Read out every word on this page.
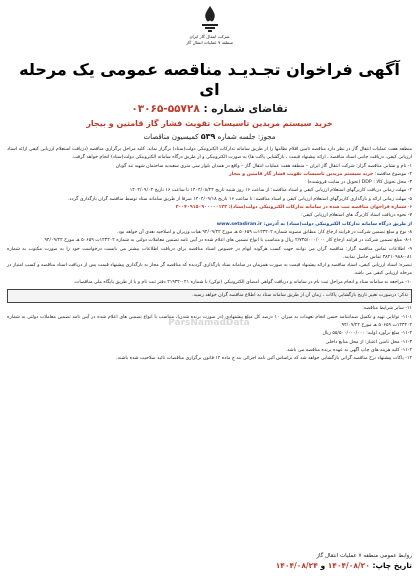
شرکت انتقال گاز ایران
منطقه ۷ عملیات انتقال گاز
آگهی فراخوان تجـدیـد مناقصه عمومی یک مرحله ای
تقاضای شماره : ۵۵۷۲۸-۰۳۰۶۵
خرید سیستم مریدین تاسیسات تقویت فشار گاز قامتین و بیجار
مجوز: جلسه شماره ۵۳۹ کمیسیون مناقصات
منطقه هفت عملیات انتقال گاز در نظر دارد مناقصه تامین اقلام نظامها را از طریق سامانه تدارکات الکترونیکی دولت(ستاد) برگزار نماید. کلیه مراحل برگزاری مناقصه (دریافت استعلام ارزیابی کیفی ارائه اسناد ارزیابی کیفی، دریافت جانبی اسناد مناقصه ، ارائه پیشنهاد قیمت ، بازگشایی پاکت ها) به صورت الکترونیکی و از طریق درگاه سامانه الکترونیکی دولت(ستاد) انجام خواهد گرفت.
۱- نام و نشانی مناقصه گزار: شرکت انتقال گاز ایران – منطقه هفت عملیات انتقال گاز – واقع در همدان بلوار سی متری سعیدیه ساختمان شهید تند گویان
۲- موضوع مناقصه: خرید سیستم مریدین تاسیسات تقویت فشار گاز قامتین و بیجار
۳- محل تحویل کالا : DDP (تحویل در سایت فروشنده)
۴- مهلت زمانی دریافت کاربرگهای استعلام ارزیابی کیفی و اسناد مناقصه: از ساعت ۱۶ روز شنبه تاریخ ۱۴۰۴/۰۸/۲۴ تا ساعت ۱۶ تاریخ ۱۴۰۴/۰۹/۰۴
۵- مهلت زمانی ارائه و بارگذاری کاربرگهای استعلام ارزیابی کیفی و اسناد مناقصه: تا ساعت ۱۶ تاریخ ۱۴۰۴/۰۹/۱۸ صرفا از طریق سامانه ستاد توسط مناقصه گران بارگذاری گردد.
۶- شماره فراخوان مناقصه ثبت شده در سامانه تدارکات الکترونیکی دولت(ستاد): ۲۰۰۴۰۹۱۵۰۹۰۰۰۰۰۱۲۲
۷- نحوه دریافت اسناد کاربرگ های استعلام ارزیابی کیفی:
از طریق درگاه سامانه تدارکات الکترونیکی دولت(ستاد) به آدرس: www.setadiran.ir
۸- نوع و مبلغ تضمین شرکت در فرایند ارجاع کار: مطابق مصوبه شماره ۱۲۳۴۰۲ت ۵۰۶۵۹ هـ مورخ ۹۴/۰۹/۲۲ هیات وزیران و اصلاحیه بعدی آن خواهد بود.
۸-۱- مبلغ تضمین شرکت در فرایند ارجاع کار ۲/۷۳۵/۰۰۰/۰۰۰ ریال و متناسب با انواع تضمین های اعلام شده در آیین نامه تضمین معاملات دولتی به شماره ۱۲۳۴۰۲ت ۵۰۶۵۹ هـ مورخ ۹۴/۰۹/۲۲
۹- اطلاعات تماس مناقصه گزار: مناقصه گران می توانند جهت کسب هرگونه ابهام در خصوص اسناد مناقصه برای دریافت اطلاعات بیشتر می بایست درخواست خود را به صورت مکتوب به شماره ۰۸۱-۳۸۲۱۰۹۸۸ تماس حاصل نمایند.
تبصره: اسناد ارزیابی کیفی، اسناد مناقصه و ارائه پیشنهاد قیمت به صورت همزمان در سامانه ستاد بارگذاری گردیده که مناقصه گر مجاز به بارگذاری پیشنهاد قیمت پس از دریافت اسناد مناقصه و کسب امتیاز در مرحله ارزیابی کیفی می باشد.
۱۰- مراجعه به سامانه ستاد و انجام مراحل ثبت نام در سامانه و دریافت گواهی امضای الکترونیکی (توکن) با شماره ۰۲۱-۴۱۹۳۴ دفتر ثبت نام و یا از طریق پایگاه ملی مناقصات.
تذکر: درصورت تغییر تاریخ بازگشایی پاکات ، زمان آن از طریق سامانه ستاد به اطلاع مناقصه گران خواهد رسید.
۱۱- سایر شرایط مناقصه:
۱۱-۱- توانایی تهیه و تکمیل ضمانتنامه حسن انجام تعهدات به میزان ۱۰ درصد کل مبلغ پیشنهادی (در صورت برنده شدن)، متناسب با انواع تضمین های اعلام شده در آیین نامه تضمین معاملات دولتی به شماره ۱۲۳۴۰۲ت ۵۰۶۵۹ هـ مورخ ۹۴/۰۹/۲۲
۱۱-۲- مبلغ برآورد اولیه: ۵۵/۵۰۰/۰۰۰/۰۰۰ ریال
۱۱-۳- محل تامین اعتبار: از محل منابع داخلی
۱۱-۴- کلیه هزینه های چاپ آگهی به عهده برنده مناقصه می باشد.
۱۲- پاکات پیشنهاد نرخ مناقصه گرانی بازگشایی خواهد شد که براساس آئین نامه اجرائی بند ج ماده ۱۲ قانون برگزاری مناقصات تائید صلاحیت شده باشند.
ParsNamadData
روابط عمومی منطقه ۷ عملیات انتقال گاز
تاریخ چاپ: ۱۴۰۴/۰۸/۲۰ و ۱۴۰۴/۰۸/۲۴
